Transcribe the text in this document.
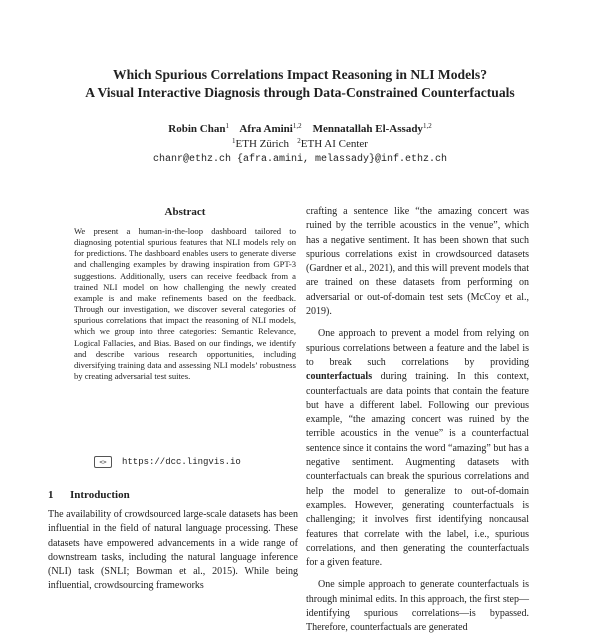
Which Spurious Correlations Impact Reasoning in NLI Models?
A Visual Interactive Diagnosis through Data-Constrained Counterfactuals
Robin Chan$^1$ Afra Amini$^{1,2}$ Mennatallah El-Assady$^{1,2}$
$^1$ETH Zürich $^2$ETH AI Center
chanr@ethz.ch {afra.amini, melassady}@inf.ethz.ch
Abstract

We present a human-in-the-loop dashboard tailored to diagnosing potential spurious features that NLI models rely on for predictions. The dashboard enables users to generate diverse and challenging examples by drawing inspiration from GPT-3 suggestions. Additionally, users can receive feedback from a trained NLI model on how challenging the newly created example is and make refinements based on the feedback. Through our investigation, we discover several categories of spurious correlations that impact the reasoning of NLI models, which we group into three categories: Semantic Relevance, Logical Fallacies, and Bias. Based on our findings, we identify and describe various research opportunities, including diversifying training data and assessing NLI models’ robustness by creating adversarial test suites.

<>	https://dcc.lingvis.io
1 Introduction

The availability of crowdsourced large-scale datasets has been influential in the field of natural language processing. These datasets have empowered advancements in a wide range of downstream tasks, including the natural language inference (NLI) task (SNLI; Bowman et al., 2015). While being influential, crowdsourcing frameworks

crafting a sentence like “the amazing concert was ruined by the terrible acoustics in the venue”, which has a negative sentiment. It has been shown that such spurious correlations exist in crowdsourced datasets (Gardner et al., 2021), and this will prevent models that are trained on these datasets from performing on adversarial or out-of-domain test sets (McCoy et al., 2019).

One approach to prevent a model from relying on spurious correlations between a feature and the label is to break such correlations by providing counterfactuals during training. In this context, counterfactuals are data points that contain the feature but have a different label. Following our previous example, “the amazing concert was ruined by the terrible acoustics in the venue” is a counterfactual sentence since it contains the word “amazing” but has a negative sentiment. Augmenting datasets with counterfactuals can break the spurious correlations and help the model to generalize to out-of-domain examples. However, generating counterfactuals is challenging; it involves first identifying noncausal features that correlate with the label, i.e., spurious correlations, and then generating the counterfactuals for a given feature.

One simple approach to generate counterfactuals is through minimal edits. In this approach, the first step—identifying spurious correlations—is bypassed. Therefore, counterfactuals are generated
